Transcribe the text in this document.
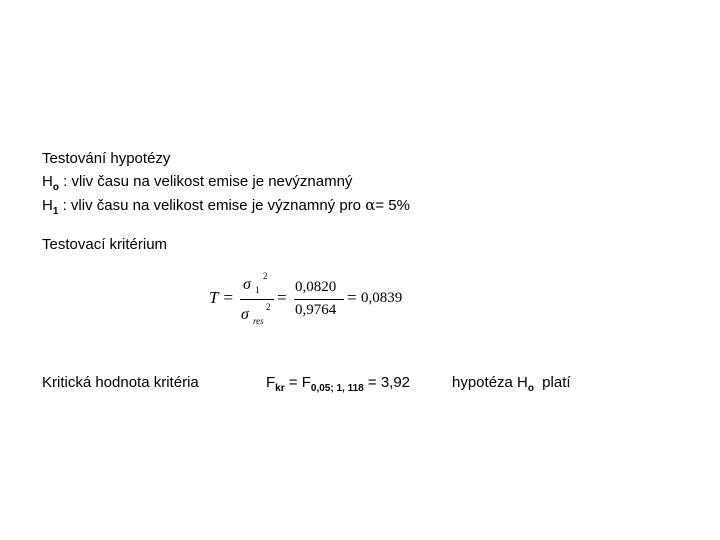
Testování hypotézy
$H_o$ : vliv času na velikost emise je nevýznamný
$H_1$ : vliv času na velikost emise je významný pro α= 5%
Testovací kritérium
T =
σ 1
2
σ res
2 =
0,0820
0,9764
= 0,0839
Kritická hodnota kritéria	$F_{kr} = F_{0,05; 1, 118} = 3,92$	hypotéza $H_o$ platí
